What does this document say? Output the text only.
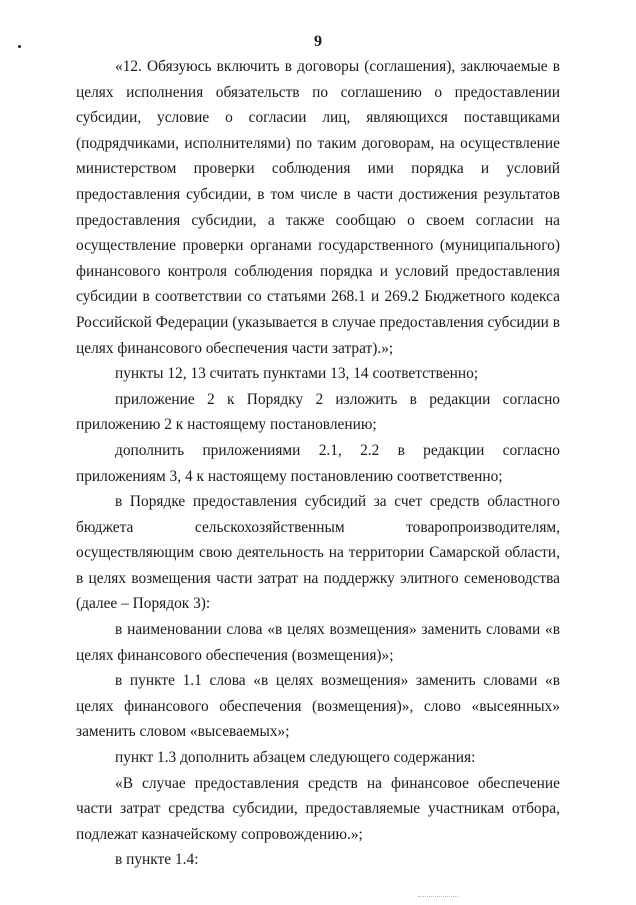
9

«12. Обязуюсь включить в договоры (соглашения), заключаемые в целях исполнения обязательств по соглашению о предоставлении субсидии, условие о согласии лиц, являющихся поставщиками (подрядчиками, исполнителями) по таким договорам, на осуществление министерством проверки соблюдения ими порядка и условий предоставления субсидии, в том числе в части достижения результатов предоставления субсидии, а также сообщаю о своем согласии на осуществление проверки органами государственного (муниципального) финансового контроля соблюдения порядка и условий предоставления субсидии в соответствии со статьями 268.1 и 269.2 Бюджетного кодекса Российской Федерации (указывается в случае предоставления субсидии в целях финансового обеспечения части затрат).»;

пункты 12, 13 считать пунктами 13, 14 соответственно;

приложение 2 к Порядку 2 изложить в редакции согласно приложению 2 к настоящему постановлению;

дополнить приложениями 2.1, 2.2 в редакции согласно приложениям 3, 4 к настоящему постановлению соответственно;

в Порядке предоставления субсидий за счет средств областного бюджета сельскохозяйственным товаропроизводителям, осуществляющим свою деятельность на территории Самарской области, в целях возмещения части затрат на поддержку элитного семеноводства (далее – Порядок 3):

в наименовании слова «в целях возмещения» заменить словами «в целях финансового обеспечения (возмещения)»;

в пункте 1.1 слова «в целях возмещения» заменить словами «в целях финансового обеспечения (возмещения)», слово «высеянных» заменить словом «высеваемых»;

пункт 1.3 дополнить абзацем следующего содержания:

«В случае предоставления средств на финансовое обеспечение части затрат средства субсидии, предоставляемые участникам отбора, подлежат казначейскому сопровождению.»;

в пункте 1.4:
